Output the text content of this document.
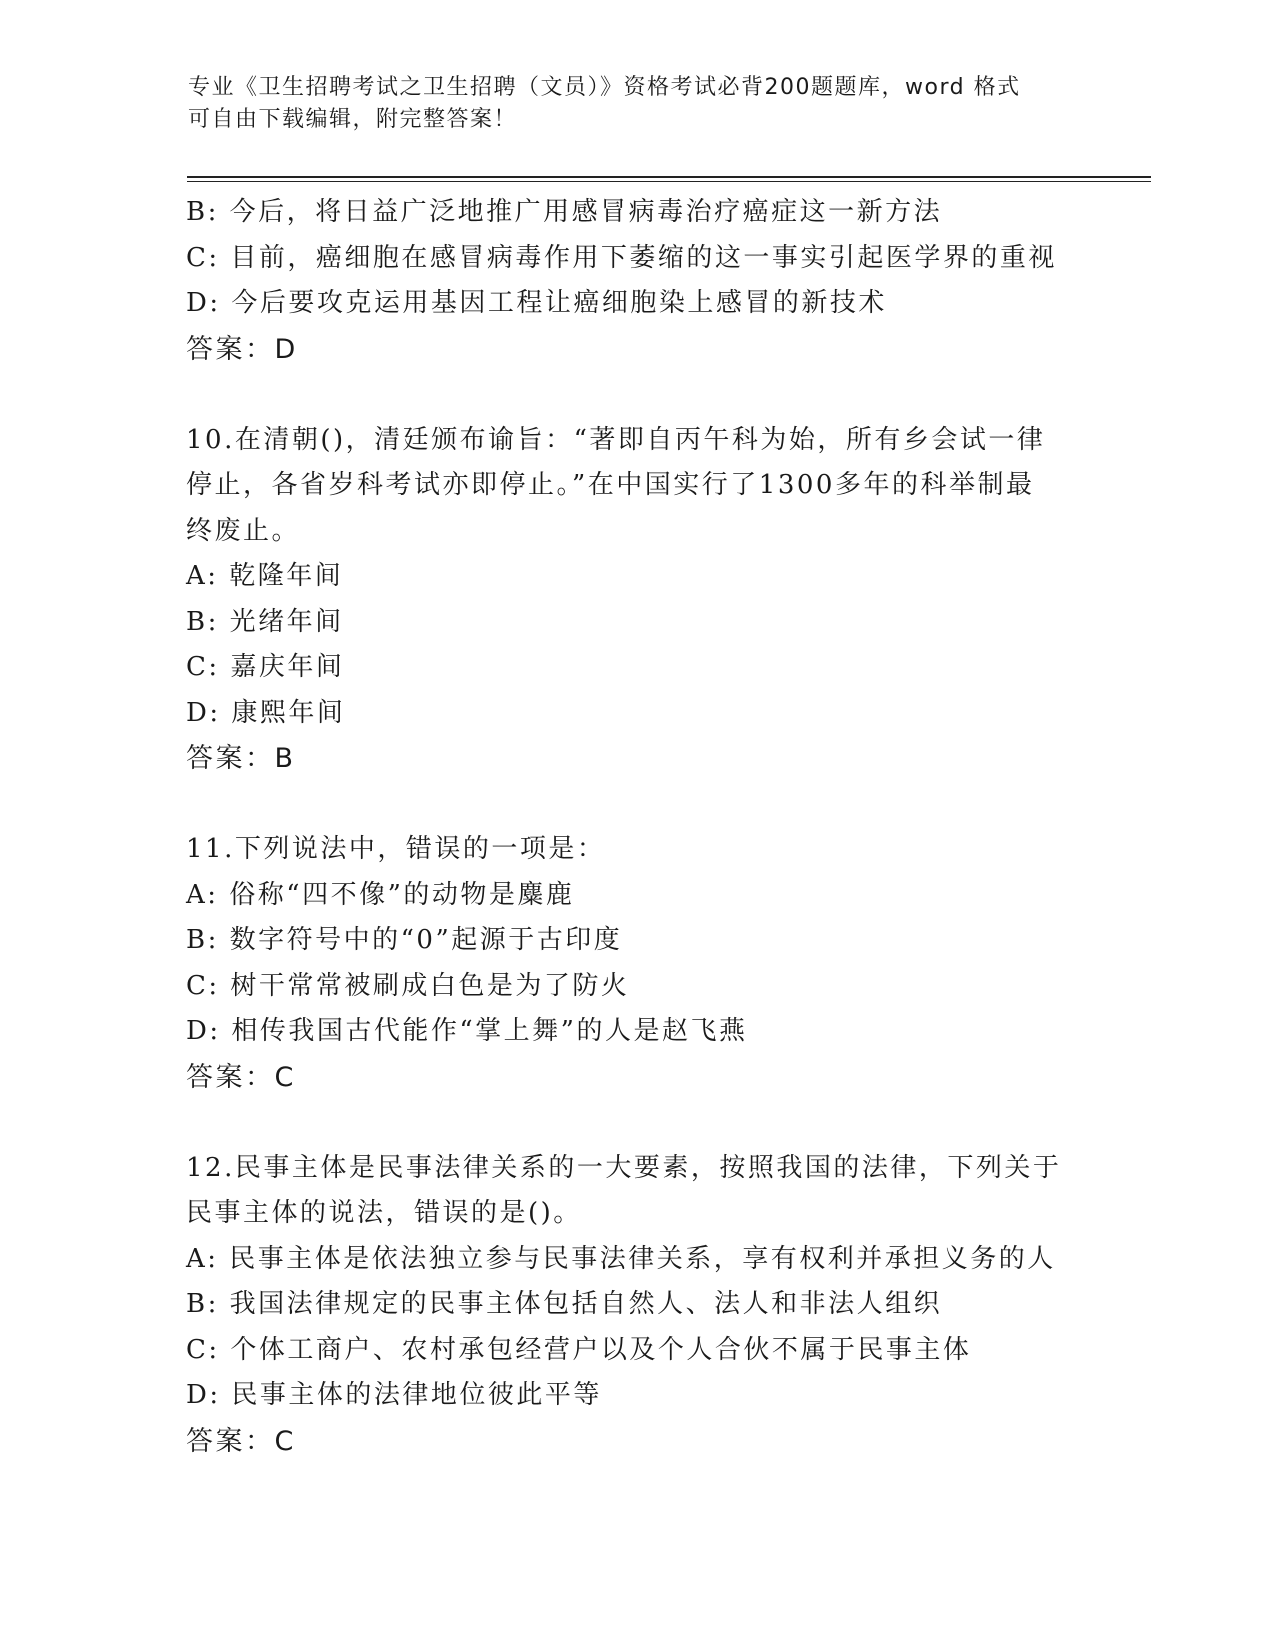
专业《卫生招聘考试之卫生招聘（文员）》资格考试必背200题题库，word 格式
可自由下载编辑，附完整答案！
B: 今后，将日益广泛地推广用感冒病毒治疗癌症这一新方法
C: 目前，癌细胞在感冒病毒作用下萎缩的这一事实引起医学界的重视
D: 今后要攻克运用基因工程让癌细胞染上感冒的新技术
答案：D
10.在清朝()，清廷颁布谕旨：“著即自丙午科为始，所有乡会试一律
停止，各省岁科考试亦即停止。”在中国实行了1300多年的科举制最
终废止。
A: 乾隆年间
B: 光绪年间
C: 嘉庆年间
D: 康熙年间
答案：B
11.下列说法中，错误的一项是：
A: 俗称“四不像”的动物是麋鹿
B: 数字符号中的“0”起源于古印度
C: 树干常常被刷成白色是为了防火
D: 相传我国古代能作“掌上舞”的人是赵飞燕
答案：C
12.民事主体是民事法律关系的一大要素，按照我国的法律，下列关于
民事主体的说法，错误的是()。
A: 民事主体是依法独立参与民事法律关系，享有权利并承担义务的人
B: 我国法律规定的民事主体包括自然人、法人和非法人组织
C: 个体工商户、农村承包经营户以及个人合伙不属于民事主体
D: 民事主体的法律地位彼此平等
答案：C
